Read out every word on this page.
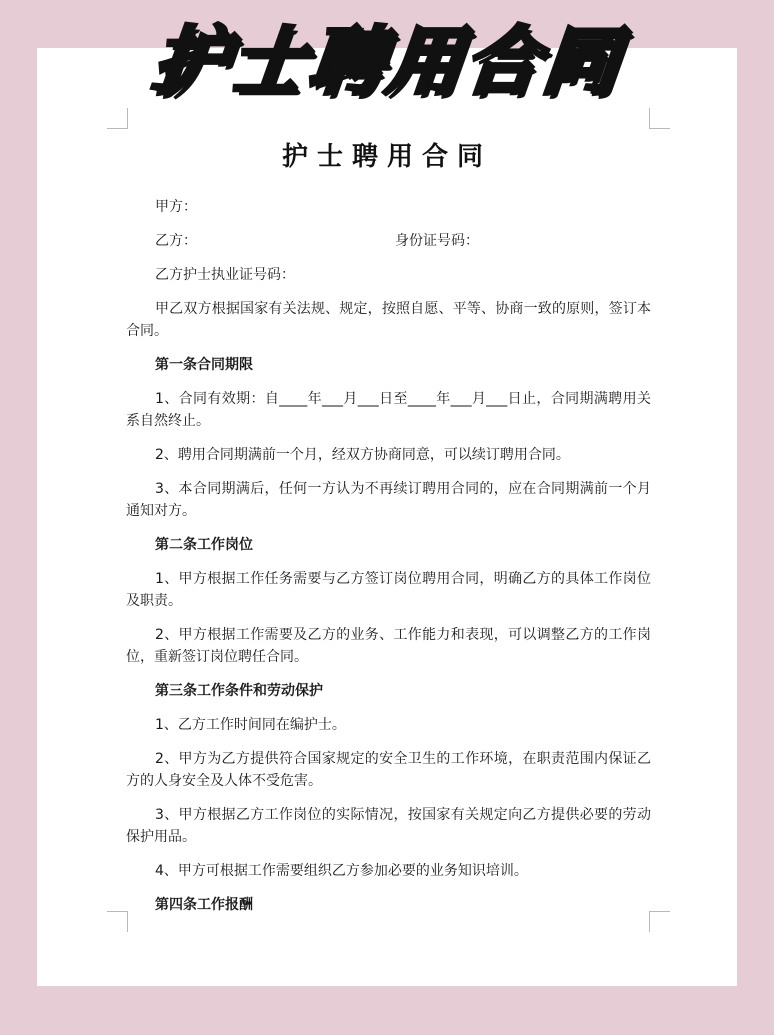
护士聘用合同
护士聘用合同
甲方：
乙方：	身份证号码：
乙方护士执业证号码：
甲乙双方根据国家有关法规、规定，按照自愿、平等、协商一致的原则，签订本合同。
第一条合同期限
1、合同有效期：自____年___月___日至____年___月___日止，合同期满聘用关系自然终止。
2、聘用合同期满前一个月，经双方协商同意，可以续订聘用合同。
3、本合同期满后，任何一方认为不再续订聘用合同的，应在合同期满前一个月通知对方。
第二条工作岗位
1、甲方根据工作任务需要与乙方签订岗位聘用合同，明确乙方的具体工作岗位及职责。
2、甲方根据工作需要及乙方的业务、工作能力和表现，可以调整乙方的工作岗位，重新签订岗位聘任合同。
第三条工作条件和劳动保护
1、乙方工作时间同在编护士。
2、甲方为乙方提供符合国家规定的安全卫生的工作环境，在职责范围内保证乙方的人身安全及人体不受危害。
3、甲方根据乙方工作岗位的实际情况，按国家有关规定向乙方提供必要的劳动保护用品。
4、甲方可根据工作需要组织乙方参加必要的业务知识培训。
第四条工作报酬
